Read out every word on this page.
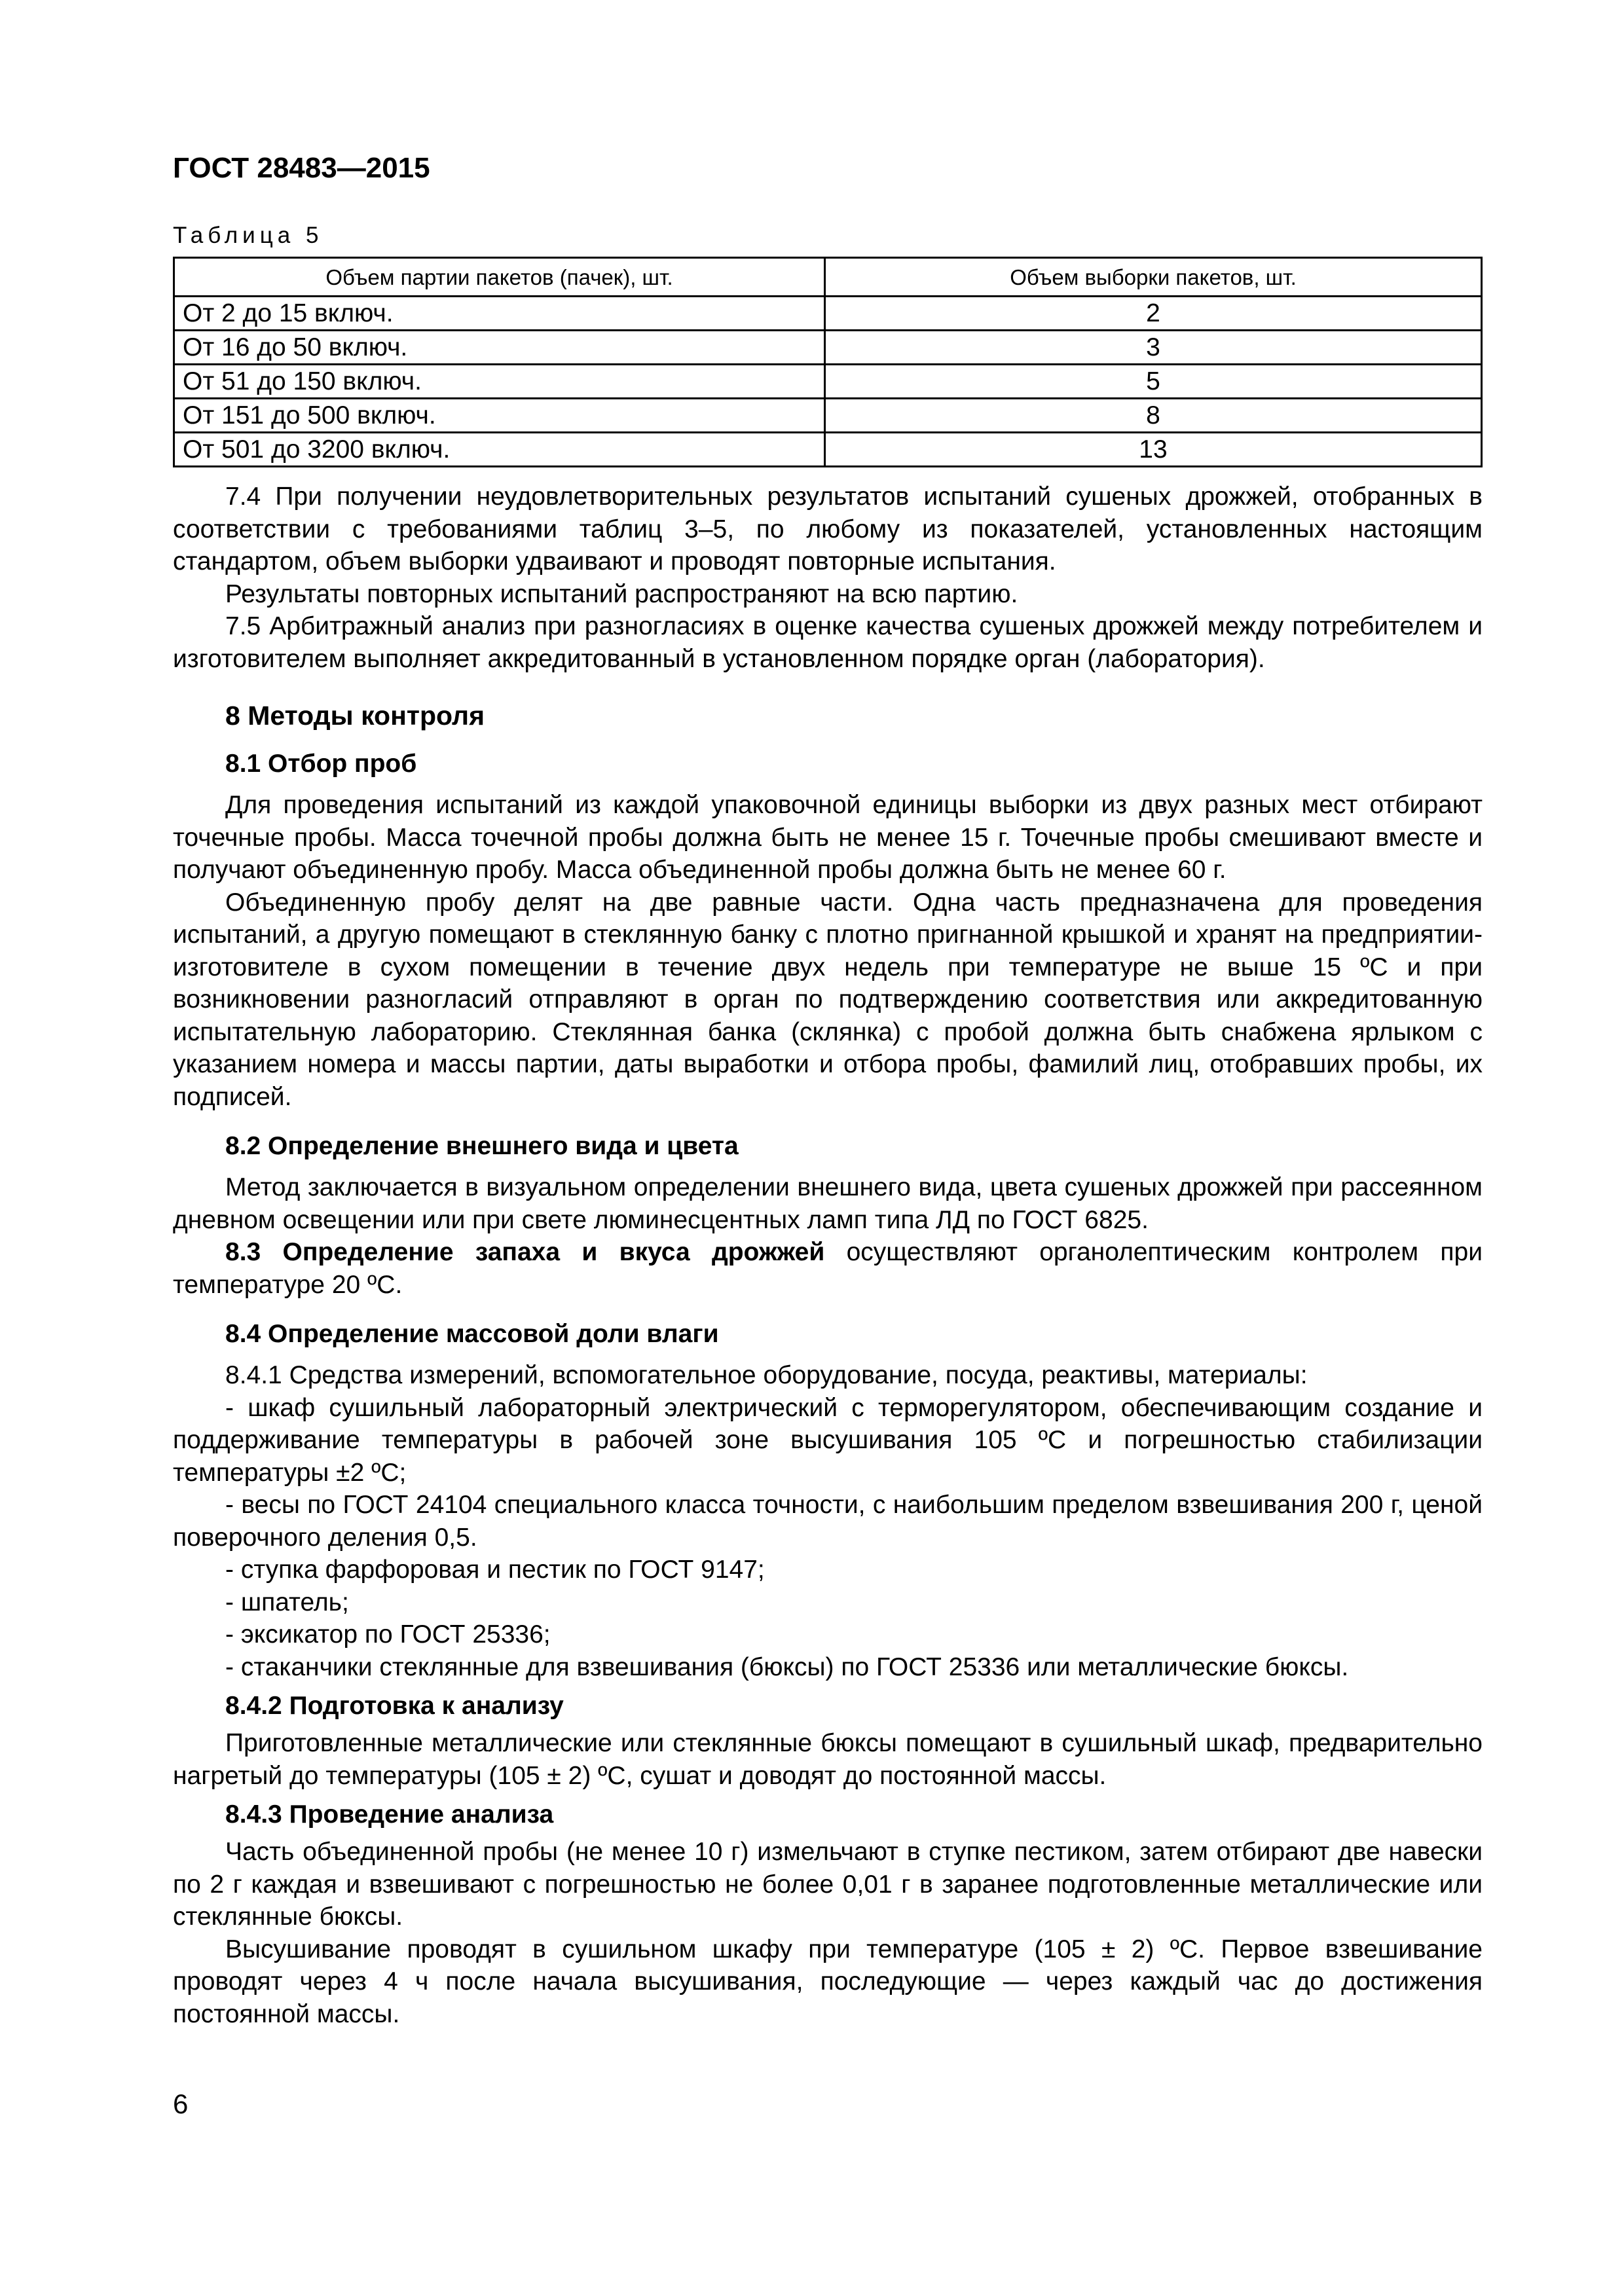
ГОСТ 28483—2015
Таблица 5
Объем партии пакетов (пачек), шт.	Объем выборки пакетов, шт.
От 2 до 15 включ.	2
От 16 до 50 включ.	3
От 51 до 150 включ.	5
От 151 до 500 включ.	8
От 501 до 3200 включ.	13

7.4 При получении неудовлетворительных результатов испытаний сушеных дрожжей, отобранных в соответствии с требованиями таблиц 3–5, по любому из показателей, установленных настоящим стандартом, объем выборки удваивают и проводят повторные испытания.

Результаты повторных испытаний распространяют на всю партию.

7.5 Арбитражный анализ при разногласиях в оценке качества сушеных дрожжей между потребителем и изготовителем выполняет аккредитованный в установленном порядке орган (лаборатория).

8 Методы контроля
8.1 Отбор проб

Для проведения испытаний из каждой упаковочной единицы выборки из двух разных мест отбирают точечные пробы. Масса точечной пробы должна быть не менее 15 г. Точечные пробы смешивают вместе и получают объединенную пробу. Масса объединенной пробы должна быть не менее 60 г.

Объединенную пробу делят на две равные части. Одна часть предназначена для проведения испытаний, а другую помещают в стеклянную банку с плотно пригнанной крышкой и хранят на предприятии-изготовителе в сухом помещении в течение двух недель при температуре не выше 15 ºС и при возникновении разногласий отправляют в орган по подтверждению соответствия или аккредитованную испытательную лабораторию. Стеклянная банка (склянка) с пробой должна быть снабжена ярлыком с указанием номера и массы партии, даты выработки и отбора пробы, фамилий лиц, отобравших пробы, их подписей.

8.2 Определение внешнего вида и цвета

Метод заключается в визуальном определении внешнего вида, цвета сушеных дрожжей при рассеянном дневном освещении или при свете люминесцентных ламп типа ЛД по ГОСТ 6825.

8.3 Определение запаха и вкуса дрожжей осуществляют органолептическим контролем при температуре 20 ºС.

8.4 Определение массовой доли влаги

8.4.1 Средства измерений, вспомогательное оборудование, посуда, реактивы, материалы:

- шкаф сушильный лабораторный электрический с терморегулятором, обеспечивающим создание и поддерживание температуры в рабочей зоне высушивания 105 ºС и погрешностью стабилизации температуры ±2 ºС;

- весы по ГОСТ 24104 специального класса точности, с наибольшим пределом взвешивания 200 г, ценой поверочного деления 0,5.

- ступка фарфоровая и пестик по ГОСТ 9147;

- шпатель;

- эксикатор по ГОСТ 25336;

- стаканчики стеклянные для взвешивания (бюксы) по ГОСТ 25336 или металлические бюксы.

8.4.2 Подготовка к анализу

Приготовленные металлические или стеклянные бюксы помещают в сушильный шкаф, предварительно нагретый до температуры (105 ± 2) ºС, сушат и доводят до постоянной массы.

8.4.3 Проведение анализа

Часть объединенной пробы (не менее 10 г) измельчают в ступке пестиком, затем отбирают две навески по 2 г каждая и взвешивают с погрешностью не более 0,01 г в заранее подготовленные металлические или стеклянные бюксы.

Высушивание проводят в сушильном шкафу при температуре (105 ± 2) ºС. Первое взвешивание проводят через 4 ч после начала высушивания, последующие — через каждый час до достижения постоянной массы.

6
